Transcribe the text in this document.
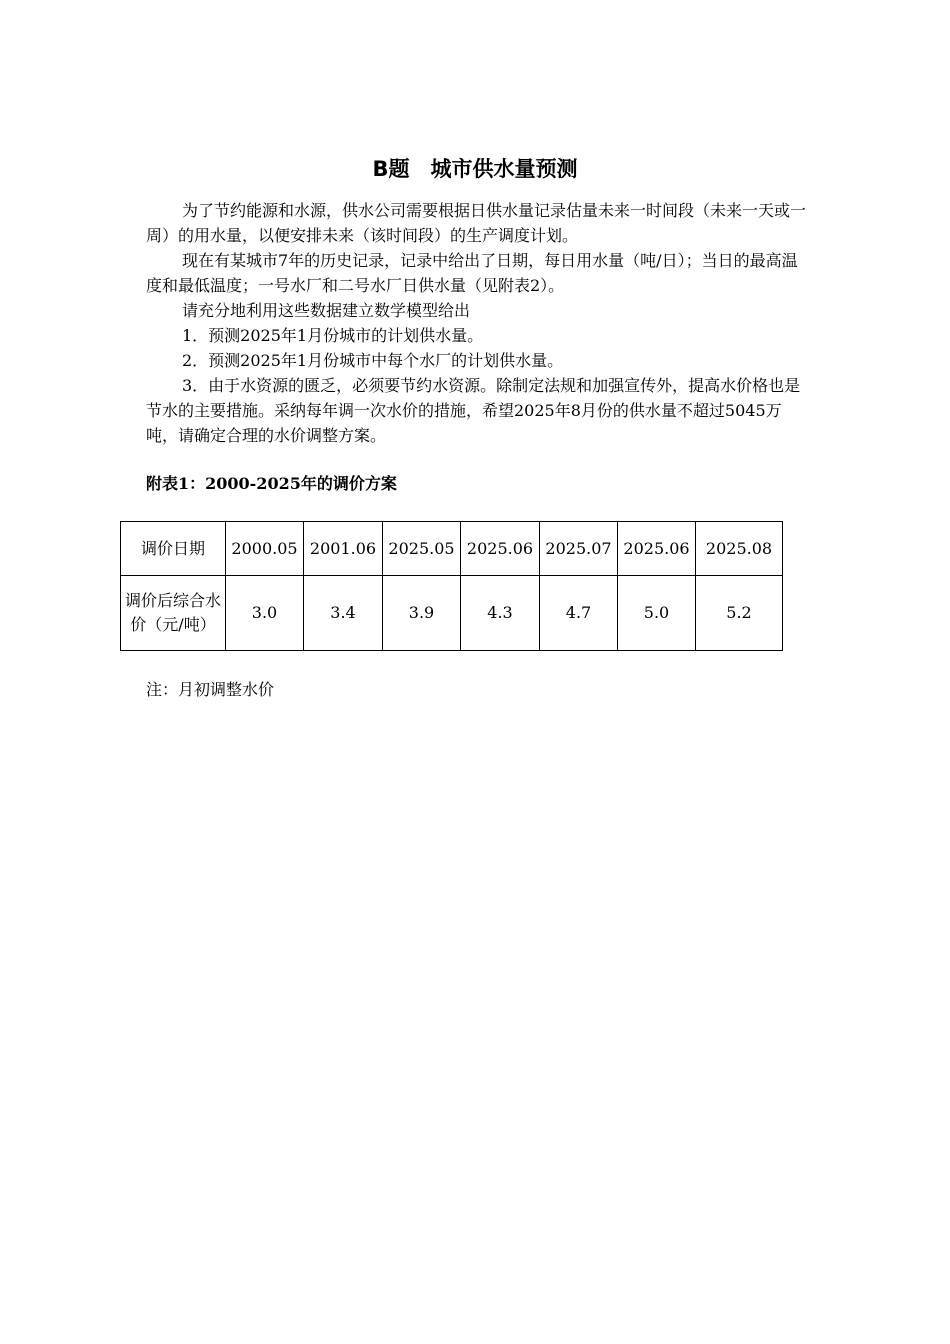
B题　城市供水量预测

为了节约能源和水源，供水公司需要根据日供水量记录估量未来一时间段（未来一天或一周）的用水量，以便安排未来（该时间段）的生产调度计划。

现在有某城市7年的历史记录，记录中给出了日期，每日用水量（吨/日）；当日的最高温度和最低温度；一号水厂和二号水厂日供水量（见附表2）。

请充分地利用这些数据建立数学模型给出

1．预测2025年1月份城市的计划供水量。

2．预测2025年1月份城市中每个水厂的计划供水量。

3．由于水资源的匮乏，必须要节约水资源。除制定法规和加强宣传外，提高水价格也是节水的主要措施。采纳每年调一次水价的措施，希望2025年8月份的供水量不超过5045万吨，请确定合理的水价调整方案。

附表1：2000-2025年的调价方案
调价日期	2000.05	2001.06	2025.05	2025.06	2025.07	2025.06	2025.08
调价后综合水价（元/吨）	3.0	3.4	3.9	4.3	4.7	5.0	5.2
注：月初调整水价
